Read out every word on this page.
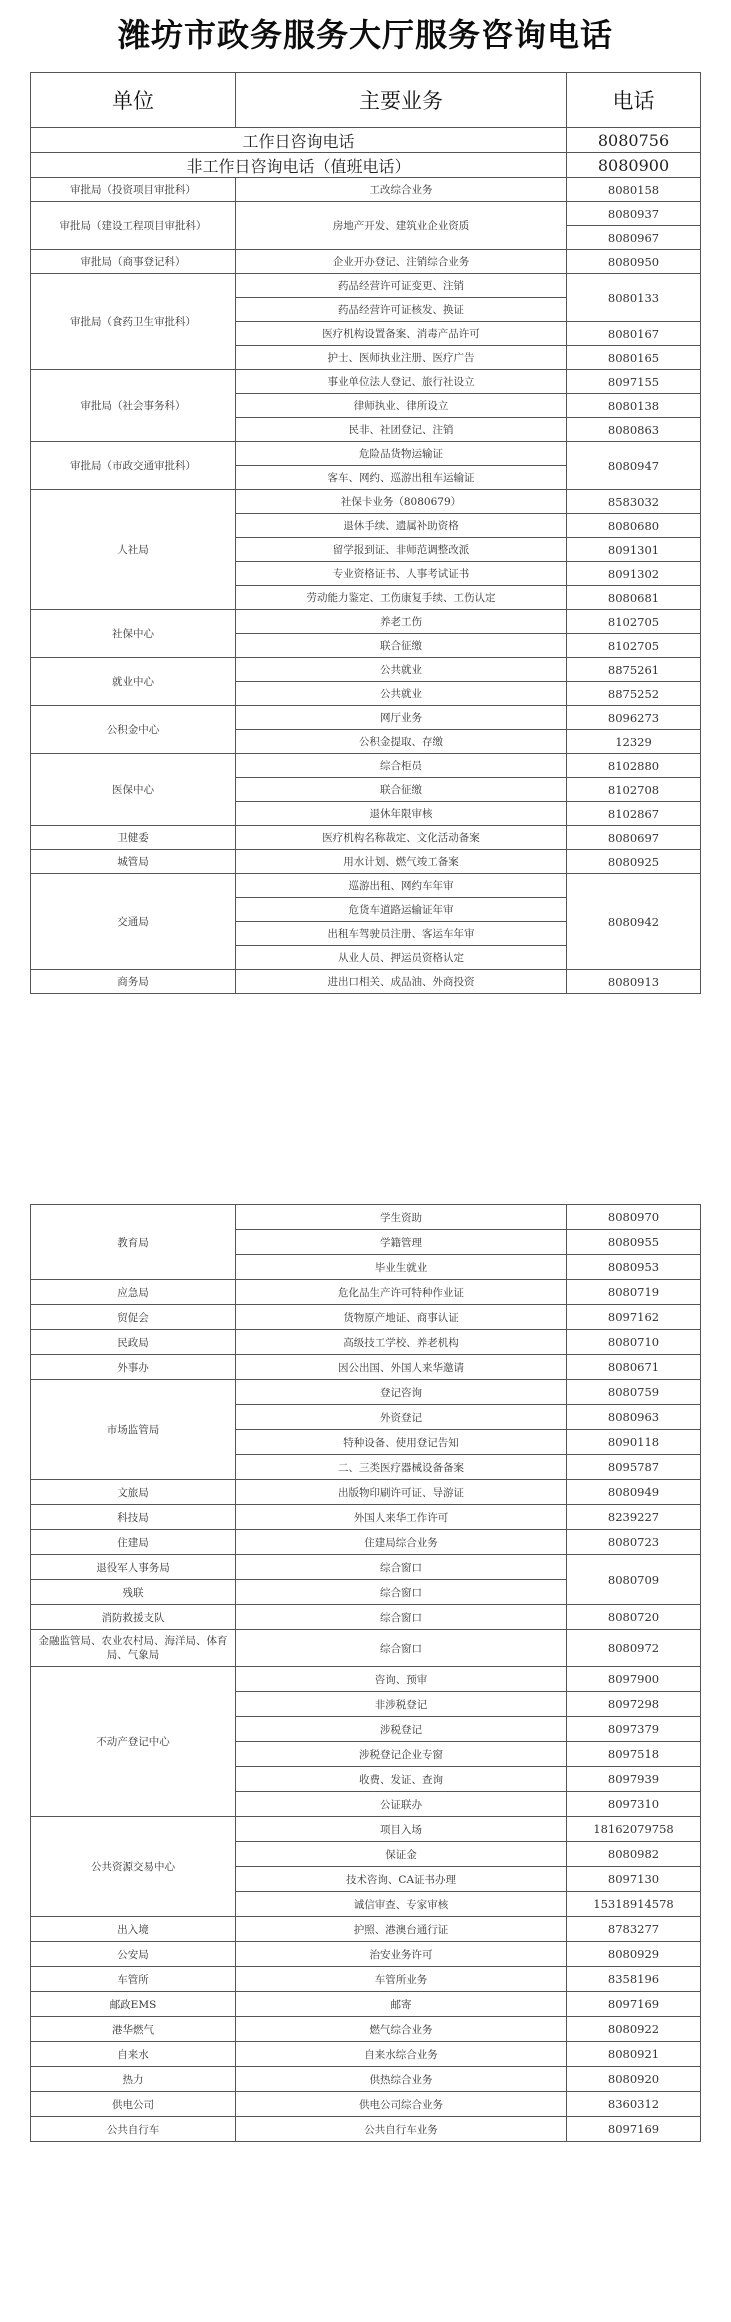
潍坊市政务服务大厅服务咨询电话
单位	主要业务	电话
工作日咨询电话		8080756
非工作日咨询电话（值班电话）		8080900
审批局（投资项目审批科）	工改综合业务	8080158
审批局（建设工程项目审批科）	房地产开发、建筑业企业资质	8080937
		8080967
审批局（商事登记科）	企业开办登记、注销综合业务	8080950
审批局（食药卫生审批科）	药品经营许可证变更、注销	8080133
	药品经营许可证核发、换证	
	医疗机构设置备案、消毒产品许可	8080167
	护士、医师执业注册、医疗广告	8080165
审批局（社会事务科）	事业单位法人登记、旅行社设立	8097155
	律师执业、律所设立	8080138
	民非、社团登记、注销	8080863
审批局（市政交通审批科）	危险品货物运输证	8080947
	客车、网约、巡游出租车运输证	
人社局	社保卡业务（8080679）	8583032
	退休手续、遗属补助资格	8080680
	留学报到证、非师范调整改派	8091301
	专业资格证书、人事考试证书	8091302
	劳动能力鉴定、工伤康复手续、工伤认定	8080681
社保中心	养老工伤	8102705
	联合征缴	8102705
就业中心	公共就业	8875261
	公共就业	8875252
公积金中心	网厅业务	8096273
	公积金提取、存缴	12329
医保中心	综合柜员	8102880
	联合征缴	8102708
	退休年限审核	8102867
卫健委	医疗机构名称裁定、文化活动备案	8080697
城管局	用水计划、燃气竣工备案	8080925
交通局	巡游出租、网约车年审	8080942
	危货车道路运输证年审	
	出租车驾驶员注册、客运车年审	
	从业人员、押运员资格认定	
商务局	进出口相关、成品油、外商投资	8080913
教育局	学生资助	8080970
	学籍管理	8080955
	毕业生就业	8080953
应急局	危化品生产许可特种作业证	8080719
贸促会	货物原产地证、商事认证	8097162
民政局	高级技工学校、养老机构	8080710
外事办	因公出国、外国人来华邀请	8080671
市场监管局	登记咨询	8080759
	外资登记	8080963
	特种设备、使用登记告知	8090118
	二、三类医疗器械设备备案	8095787
文旅局	出版物印刷许可证、导游证	8080949
科技局	外国人来华工作许可	8239227
住建局	住建局综合业务	8080723
退役军人事务局	综合窗口	8080709
残联	综合窗口	
消防救援支队	综合窗口	8080720
金融监管局、农业农村局、海洋局、体育局、气象局	综合窗口	8080972
不动产登记中心	咨询、预审	8097900
	非涉税登记	8097298
	涉税登记	8097379
	涉税登记企业专窗	8097518
	收费、发证、查询	8097939
	公证联办	8097310
公共资源交易中心	项目入场	18162079758
	保证金	8080982
	技术咨询、CA证书办理	8097130
	诚信审查、专家审核	15318914578
出入境	护照、港澳台通行证	8783277
公安局	治安业务许可	8080929
车管所	车管所业务	8358196
邮政EMS	邮寄	8097169
港华燃气	燃气综合业务	8080922
自来水	自来水综合业务	8080921
热力	供热综合业务	8080920
供电公司	供电公司综合业务	8360312
公共自行车	公共自行车业务	8097169
